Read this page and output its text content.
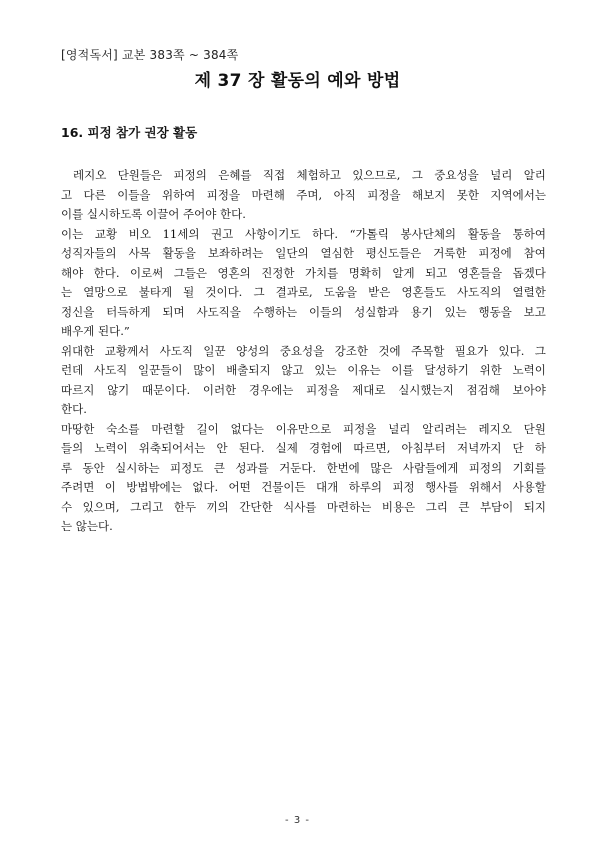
[영적독서] 교본 383쪽 ~ 384쪽
제 37 장 활동의 예와 방법
16. 피정 참가 권장 활동
레지오 단원들은 피정의 은혜를 직접 체험하고 있으므로, 그 중요성을 널리 알리
고 다른 이들을 위하여 피정을 마련해 주며, 아직 피정을 해보지 못한 지역에서는
이를 실시하도록 이끌어 주어야 한다.
이는 교황 비오 11세의 권고 사항이기도 하다. “가톨릭 봉사단체의 활동을 통하여
성직자들의 사목 활동을 보좌하려는 일단의 열심한 평신도들은 거룩한 피정에 참여
해야 한다. 이로써 그들은 영혼의 진정한 가치를 명확히 알게 되고 영혼들을 돕겠다
는 열망으로 불타게 될 것이다. 그 결과로, 도움을 받은 영혼들도 사도직의 열렬한
정신을 터득하게 되며 사도직을 수행하는 이들의 성실함과 용기 있는 행동을 보고
배우게 된다.”
위대한 교황께서 사도직 일꾼 양성의 중요성을 강조한 것에 주목할 필요가 있다. 그
런데 사도직 일꾼들이 많이 배출되지 않고 있는 이유는 이를 달성하기 위한 노력이
따르지 않기 때문이다. 이러한 경우에는 피정을 제대로 실시했는지 점검해 보아야
한다.
마땅한 숙소를 마련할 길이 없다는 이유만으로 피정을 널리 알리려는 레지오 단원
들의 노력이 위축되어서는 안 된다. 실제 경험에 따르면, 아침부터 저녁까지 단 하
루 동안 실시하는 피정도 큰 성과를 거둔다. 한번에 많은 사람들에게 피정의 기회를
주려면 이 방법밖에는 없다. 어떤 건물이든 대개 하루의 피정 행사를 위해서 사용할
수 있으며, 그리고 한두 끼의 간단한 식사를 마련하는 비용은 그리 큰 부담이 되지
는 않는다.
- 3 -
